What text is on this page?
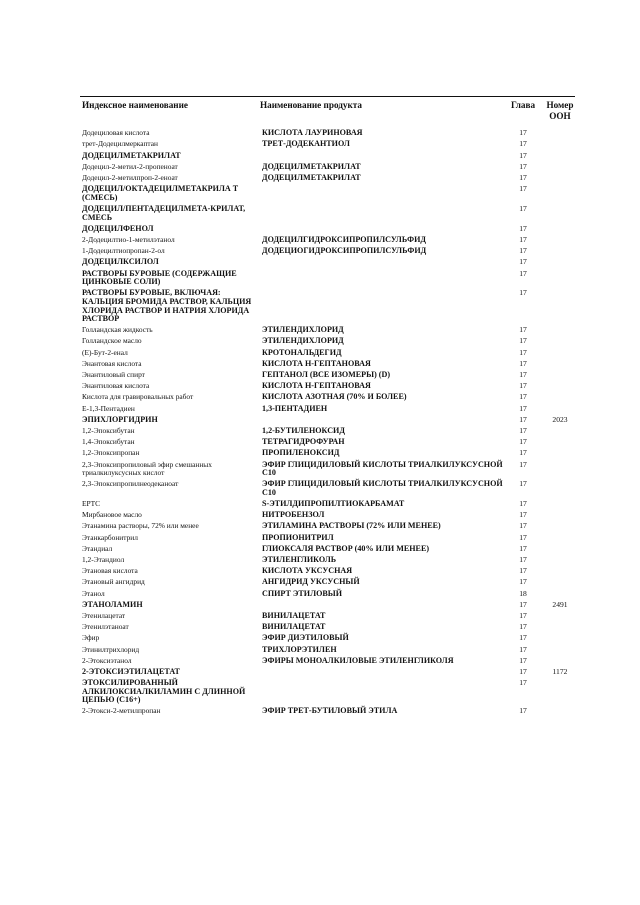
Индексное наименование	Наименование продукта	Глава	Номер ООН
Додециловая кислота	КИСЛОТА ЛАУРИНОВАЯ	17	
трет-Додецилмеркаптан	ТРЕТ-ДОДЕКАНТИОЛ	17	
ДОДЕЦИЛМЕТАКРИЛАТ		17	
Додецил-2-метил-2-пропеноат	ДОДЕЦИЛМЕТАКРИЛАТ	17	
Додецил-2-метилпроп-2-еноат	ДОДЕЦИЛМЕТАКРИЛАТ	17	
ДОДЕЦИЛ/ОКТАДЕЦИЛМЕТАКРИЛА Т (СМЕСЬ)		17	
ДОДЕЦИЛ/ПЕНТАДЕЦИЛМЕТА-КРИЛАТ, СМЕСЬ		17	
ДОДЕЦИЛФЕНОЛ		17	
2-Додецилтио-1-метилэтанол	ДОДЕЦИЛГИДРОКСИПРОПИЛСУЛЬФИД	17	
1-Додецилтиопропан-2-ол	ДОДЕЦИОГИДРОКСИПРОПИЛСУЛЬФИД	17	
ДОДЕЦИЛКСИЛОЛ		17	
РАСТВОРЫ БУРОВЫЕ (СОДЕРЖАЩИЕ ЦИНКОВЫЕ СОЛИ)		17	
РАСТВОРЫ БУРОВЫЕ, ВКЛЮЧАЯ: КАЛЬЦИЯ БРОМИДА РАСТВОР, КАЛЬЦИЯ ХЛОРИДА РАСТВОР И НАТРИЯ ХЛОРИДА РАСТВОР		17	
Голландская жидкость	ЭТИЛЕНДИХЛОРИД	17	
Голландское масло	ЭТИЛЕНДИХЛОРИД	17	
(E)-Бут-2-енал	КРОТОНАЛЬДЕГИД	17	
Энантовая кислота	КИСЛОТА Н-ГЕПТАНОВАЯ	17	
Энантиловый спирт	ГЕПТАНОЛ (ВСЕ ИЗОМЕРЫ) (D)	17	
Энантиловая кислота	КИСЛОТА Н-ГЕПТАНОВАЯ	17	
Кислота для гравировальных работ	КИСЛОТА АЗОТНАЯ (70% И БОЛЕЕ)	17	
E-1,3-Пентадиен	1,3-ПЕНТАДИЕН	17	
ЭПИХЛОРГИДРИН		17	2023
1,2-Эпоксибутан	1,2-БУТИЛЕНОКСИД	17	
1,4-Эпоксибутан	ТЕТРАГИДРОФУРАН	17	
1,2-Эпоксипропан	ПРОПИЛЕНОКСИД	17	
2,3-Эпоксипропиловый эфир смешанных триалкилуксусных кислот	ЭФИР ГЛИЦИДИЛОВЫЙ КИСЛОТЫ ТРИАЛКИЛУКСУСНОЙ C10	17	
2,3-Эпоксипропилнеодеканоат	ЭФИР ГЛИЦИДИЛОВЫЙ КИСЛОТЫ ТРИАЛКИЛУКСУСНОЙ C10	17	
EPTC	S-ЭТИЛДИПРОПИЛТИОКАРБАМАТ	17	
Мирбановое масло	НИТРОБЕНЗОЛ	17	
Этанамина растворы, 72% или менее	ЭТИЛАМИНА РАСТВОРЫ (72% ИЛИ МЕНЕЕ)	17	
Этанкарбонитрил	ПРОПИОНИТРИЛ	17	
Этандиал	ГЛИОКСАЛЯ РАСТВОР (40% ИЛИ МЕНЕЕ)	17	
1,2-Этандиол	ЭТИЛЕНГЛИКОЛЬ	17	
Этановая кислота	КИСЛОТА УКСУСНАЯ	17	
Этановый ангидрид	АНГИДРИД УКСУСНЫЙ	17	
Этанол	СПИРТ ЭТИЛОВЫЙ	18	
ЭТАНОЛАМИН		17	2491
Этенилацетат	ВИНИЛАЦЕТАТ	17	
Этенилэтаноат	ВИНИЛАЦЕТАТ	17	
Эфир	ЭФИР ДИЭТИЛОВЫЙ	17	
Этинилтрихлорид	ТРИХЛОРЭТИЛЕН	17	
2-Этоксиэтанол	ЭФИРЫ МОНОАЛКИЛОВЫЕ ЭТИЛЕНГЛИКОЛЯ	17	
2-ЭТОКСИЭТИЛАЦЕТАТ		17	1172
ЭТОКСИЛИРОВАННЫЙ АЛКИЛОКСИАЛКИЛАМИН С ДЛИННОЙ ЦЕПЬЮ (C16+)		17	
2-Этокси-2-метилпропан	ЭФИР ТРЕТ-БУТИЛОВЫЙ ЭТИЛА	17	
